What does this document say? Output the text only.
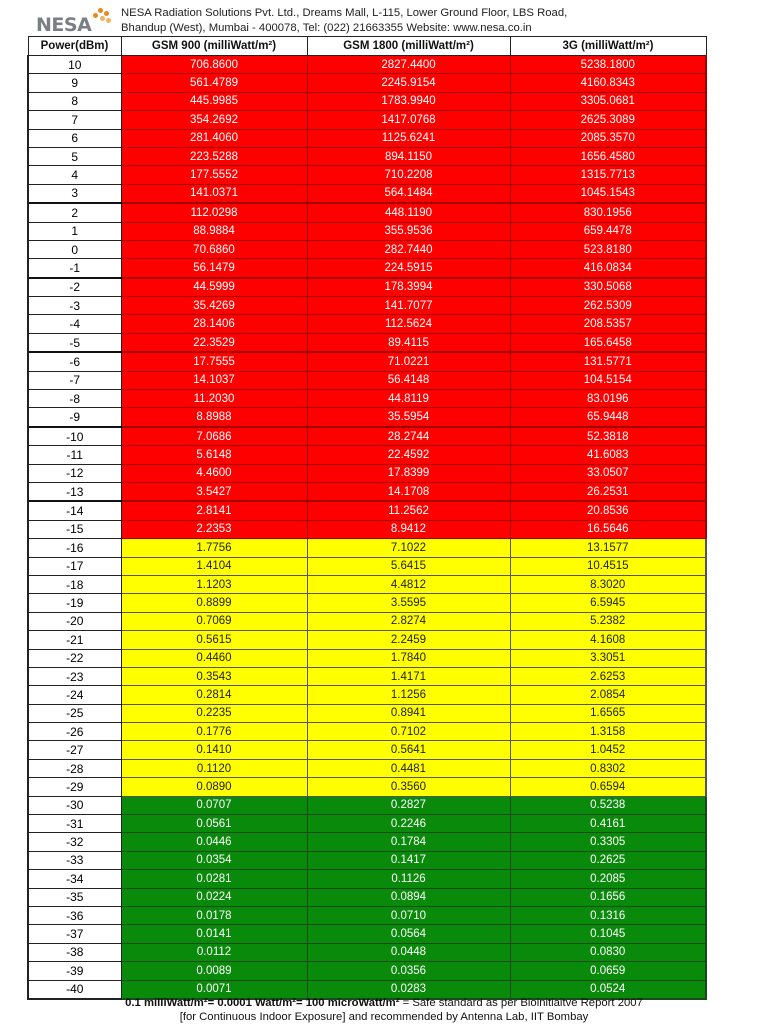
NESA
NESA Radiation Solutions Pvt. Ltd., Dreams Mall, L-115, Lower Ground Floor, LBS Road,
Bhandup (West), Mumbai - 400078, Tel: (022) 21663355 Website: www.nesa.co.in
Power(dBm)	GSM 900 (milliWatt/m²)	GSM 1800 (milliWatt/m²)	3G (milliWatt/m²)
10	706.8600	2827.4400	5238.1800
9	561.4789	2245.9154	4160.8343
8	445.9985	1783.9940	3305.0681
7	354.2692	1417.0768	2625.3089
6	281.4060	1125.6241	2085.3570
5	223.5288	894.1150	1656.4580
4	177.5552	710.2208	1315.7713
3	141.0371	564.1484	1045.1543
2	112.0298	448.1190	830.1956
1	88.9884	355.9536	659.4478
0	70.6860	282.7440	523.8180
-1	56.1479	224.5915	416.0834
-2	44.5999	178.3994	330.5068
-3	35.4269	141.7077	262.5309
-4	28.1406	112.5624	208.5357
-5	22.3529	89.4115	165.6458
-6	17.7555	71.0221	131.5771
-7	14.1037	56.4148	104.5154
-8	11.2030	44.8119	83.0196
-9	8.8988	35.5954	65.9448
-10	7.0686	28.2744	52.3818
-11	5.6148	22.4592	41.6083
-12	4.4600	17.8399	33.0507
-13	3.5427	14.1708	26.2531
-14	2.8141	11.2562	20.8536
-15	2.2353	8.9412	16.5646
-16	1.7756	7.1022	13.1577
-17	1.4104	5.6415	10.4515
-18	1.1203	4.4812	8.3020
-19	0.8899	3.5595	6.5945
-20	0.7069	2.8274	5.2382
-21	0.5615	2.2459	4.1608
-22	0.4460	1.7840	3.3051
-23	0.3543	1.4171	2.6253
-24	0.2814	1.1256	2.0854
-25	0.2235	0.8941	1.6565
-26	0.1776	0.7102	1.3158
-27	0.1410	0.5641	1.0452
-28	0.1120	0.4481	0.8302
-29	0.0890	0.3560	0.6594
-30	0.0707	0.2827	0.5238
-31	0.0561	0.2246	0.4161
-32	0.0446	0.1784	0.3305
-33	0.0354	0.1417	0.2625
-34	0.0281	0.1126	0.2085
-35	0.0224	0.0894	0.1656
-36	0.0178	0.0710	0.1316
-37	0.0141	0.0564	0.1045
-38	0.0112	0.0448	0.0830
-39	0.0089	0.0356	0.0659
-40	0.0071	0.0283	0.0524
0.1 milliWatt/m²= 0.0001 Watt/m²= 100 microWatt/m² = Safe standard as per Bioinitiaitve Report 2007
[for Continuous Indoor Exposure] and recommended by Antenna Lab, IIT Bombay
